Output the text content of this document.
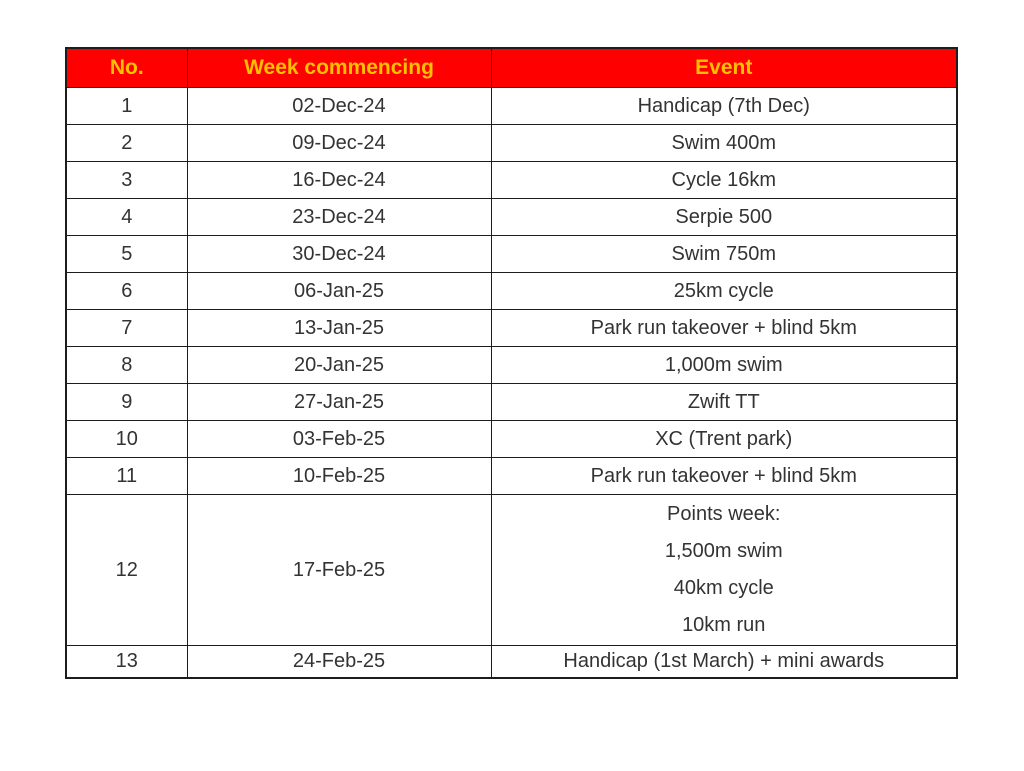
No.	Week commencing	Event
1	02-Dec-24	Handicap (7th Dec)
2	09-Dec-24	Swim 400m
3	16-Dec-24	Cycle 16km
4	23-Dec-24	Serpie 500
5	30-Dec-24	Swim 750m
6	06-Jan-25	25km cycle
7	13-Jan-25	Park run takeover + blind 5km
8	20-Jan-25	1,000m swim
9	27-Jan-25	Zwift TT
10	03-Feb-25	XC (Trent park)
11	10-Feb-25	Park run takeover + blind 5km
12	17-Feb-25	Points week:
1,500m swim
40km cycle
10km run

13	24-Feb-25	Handicap (1st March) + mini awards
